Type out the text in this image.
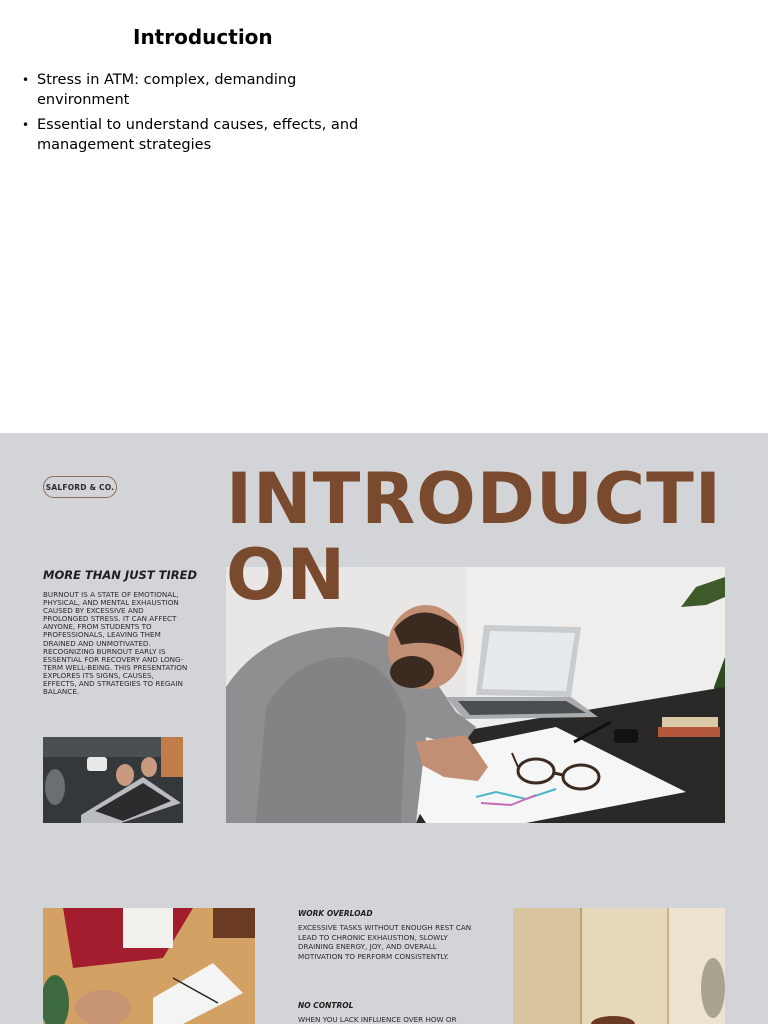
Introduction
• Stress in ATM: complex, demanding environment
• Essential to understand causes, effects, and management strategies
SALFORD & CO. INTRODUCTION
MORE THAN JUST TIRED

BURNOUT IS A STATE OF EMOTIONAL, PHYSICAL, AND MENTAL EXHAUSTION CAUSED BY EXCESSIVE AND PROLONGED STRESS. IT CAN AFFECT ANYONE, FROM STUDENTS TO PROFESSIONALS, LEAVING THEM DRAINED AND UNMOTIVATED. RECOGNIZING BURNOUT EARLY IS ESSENTIAL FOR RECOVERY AND LONG-TERM WELL-BEING. THIS PRESENTATION EXPLORES ITS SIGNS, CAUSES, EFFECTS, AND STRATEGIES TO REGAIN BALANCE.

WORK OVERLOAD

EXCESSIVE TASKS WITHOUT ENOUGH REST CAN LEAD TO CHRONIC EXHAUSTION, SLOWLY DRAINING ENERGY, JOY, AND OVERALL MOTIVATION TO PERFORM CONSISTENTLY.

NO CONTROL

WHEN YOU LACK INFLUENCE OVER HOW OR
